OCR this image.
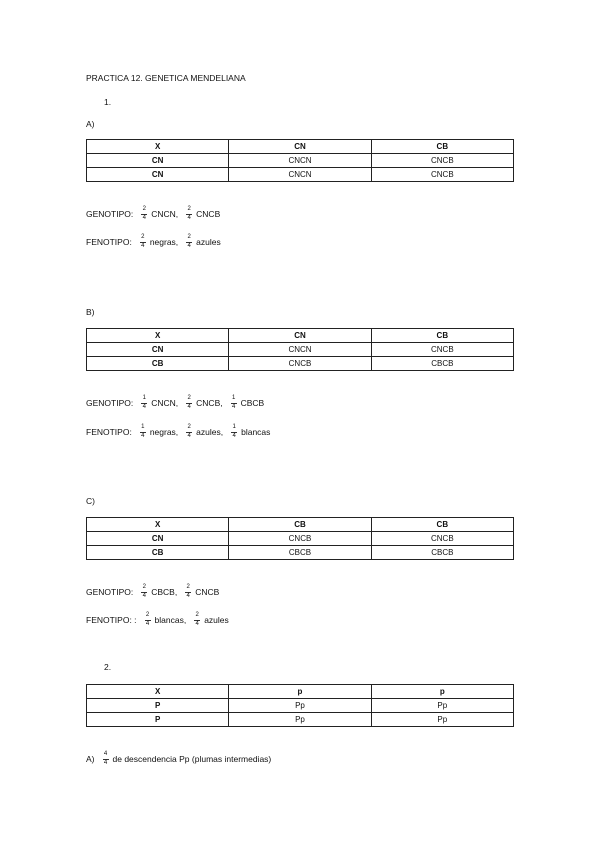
PRACTICA 12. GENETICA MENDELIANA
1.
A)
X	CN	CB
CN	CNCN	CNCB
CN	CNCN	CNCB
GENOTIPO: $\frac{2}{4}$ CNCN, $\frac{2}{4}$ CNCB
FENOTIPO: $\frac{2}{4}$ negras, $\frac{2}{4}$ azules
B)
X	CN	CB
CN	CNCN	CNCB
CB	CNCB	CBCB
GENOTIPO: $\frac{1}{4}$ CNCN, $\frac{2}{4}$ CNCB, $\frac{1}{4}$ CBCB
FENOTIPO: $\frac{1}{4}$ negras, $\frac{2}{4}$ azules, $\frac{1}{4}$ blancas
C)
X	CB	CB
CN	CNCB	CNCB
CB	CBCB	CBCB
GENOTIPO: $\frac{2}{4}$ CBCB, $\frac{2}{4}$ CNCB
FENOTIPO: : $\frac{2}{4}$ blancas, $\frac{2}{4}$ azules
2.
X	p	p
P	Pp	Pp
P	Pp	Pp
$A) \frac{4}{4}$ de descendencia Pp (plumas intermedias)
